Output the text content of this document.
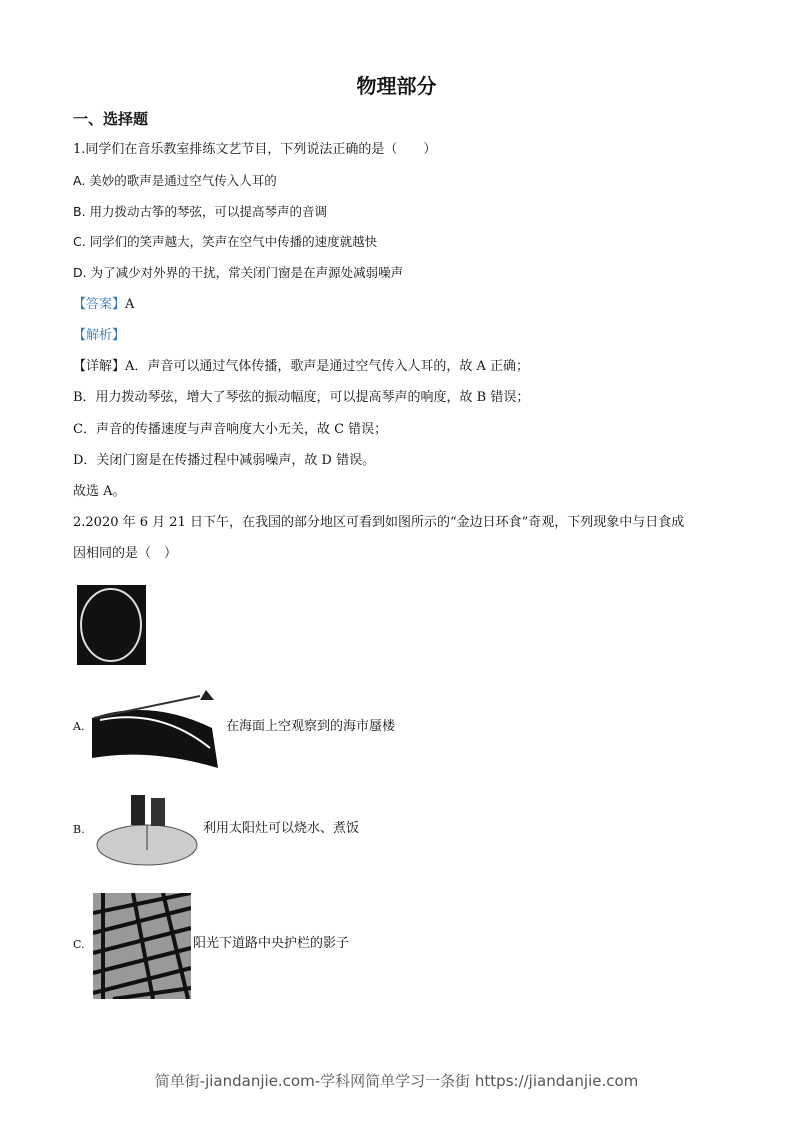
物理部分
一、选择题
1.同学们在音乐教室排练文艺节目，下列说法正确的是（　　）
A. 美妙的歌声是通过空气传入人耳的
B. 用力拨动古筝的琴弦，可以提高琴声的音调
C. 同学们的笑声越大，笑声在空气中传播的速度就越快
D. 为了减少对外界的干扰，常关闭门窗是在声源处减弱噪声
【答案】A
【解析】
【详解】A．声音可以通过气体传播，歌声是通过空气传入人耳的，故 A 正确；
B．用力拨动琴弦，增大了琴弦的振动幅度，可以提高琴声的响度，故 B 错误；
C．声音的传播速度与声音响度大小无关，故 C 错误；
D．关闭门窗是在传播过程中减弱噪声，故 D 错误。
故选 A。
2.2020 年 6 月 21 日下午，在我国的部分地区可看到如图所示的“金边日环食”奇观，下列现象中与日食成
因相同的是（　）
A.	在海面上空观察到的海市蜃楼
B.	利用太阳灶可以烧水、煮饭
C.	阳光下道路中央护栏的影子
简单街-jiandanjie.com-学科网简单学习一条街 https://jiandanjie.com
